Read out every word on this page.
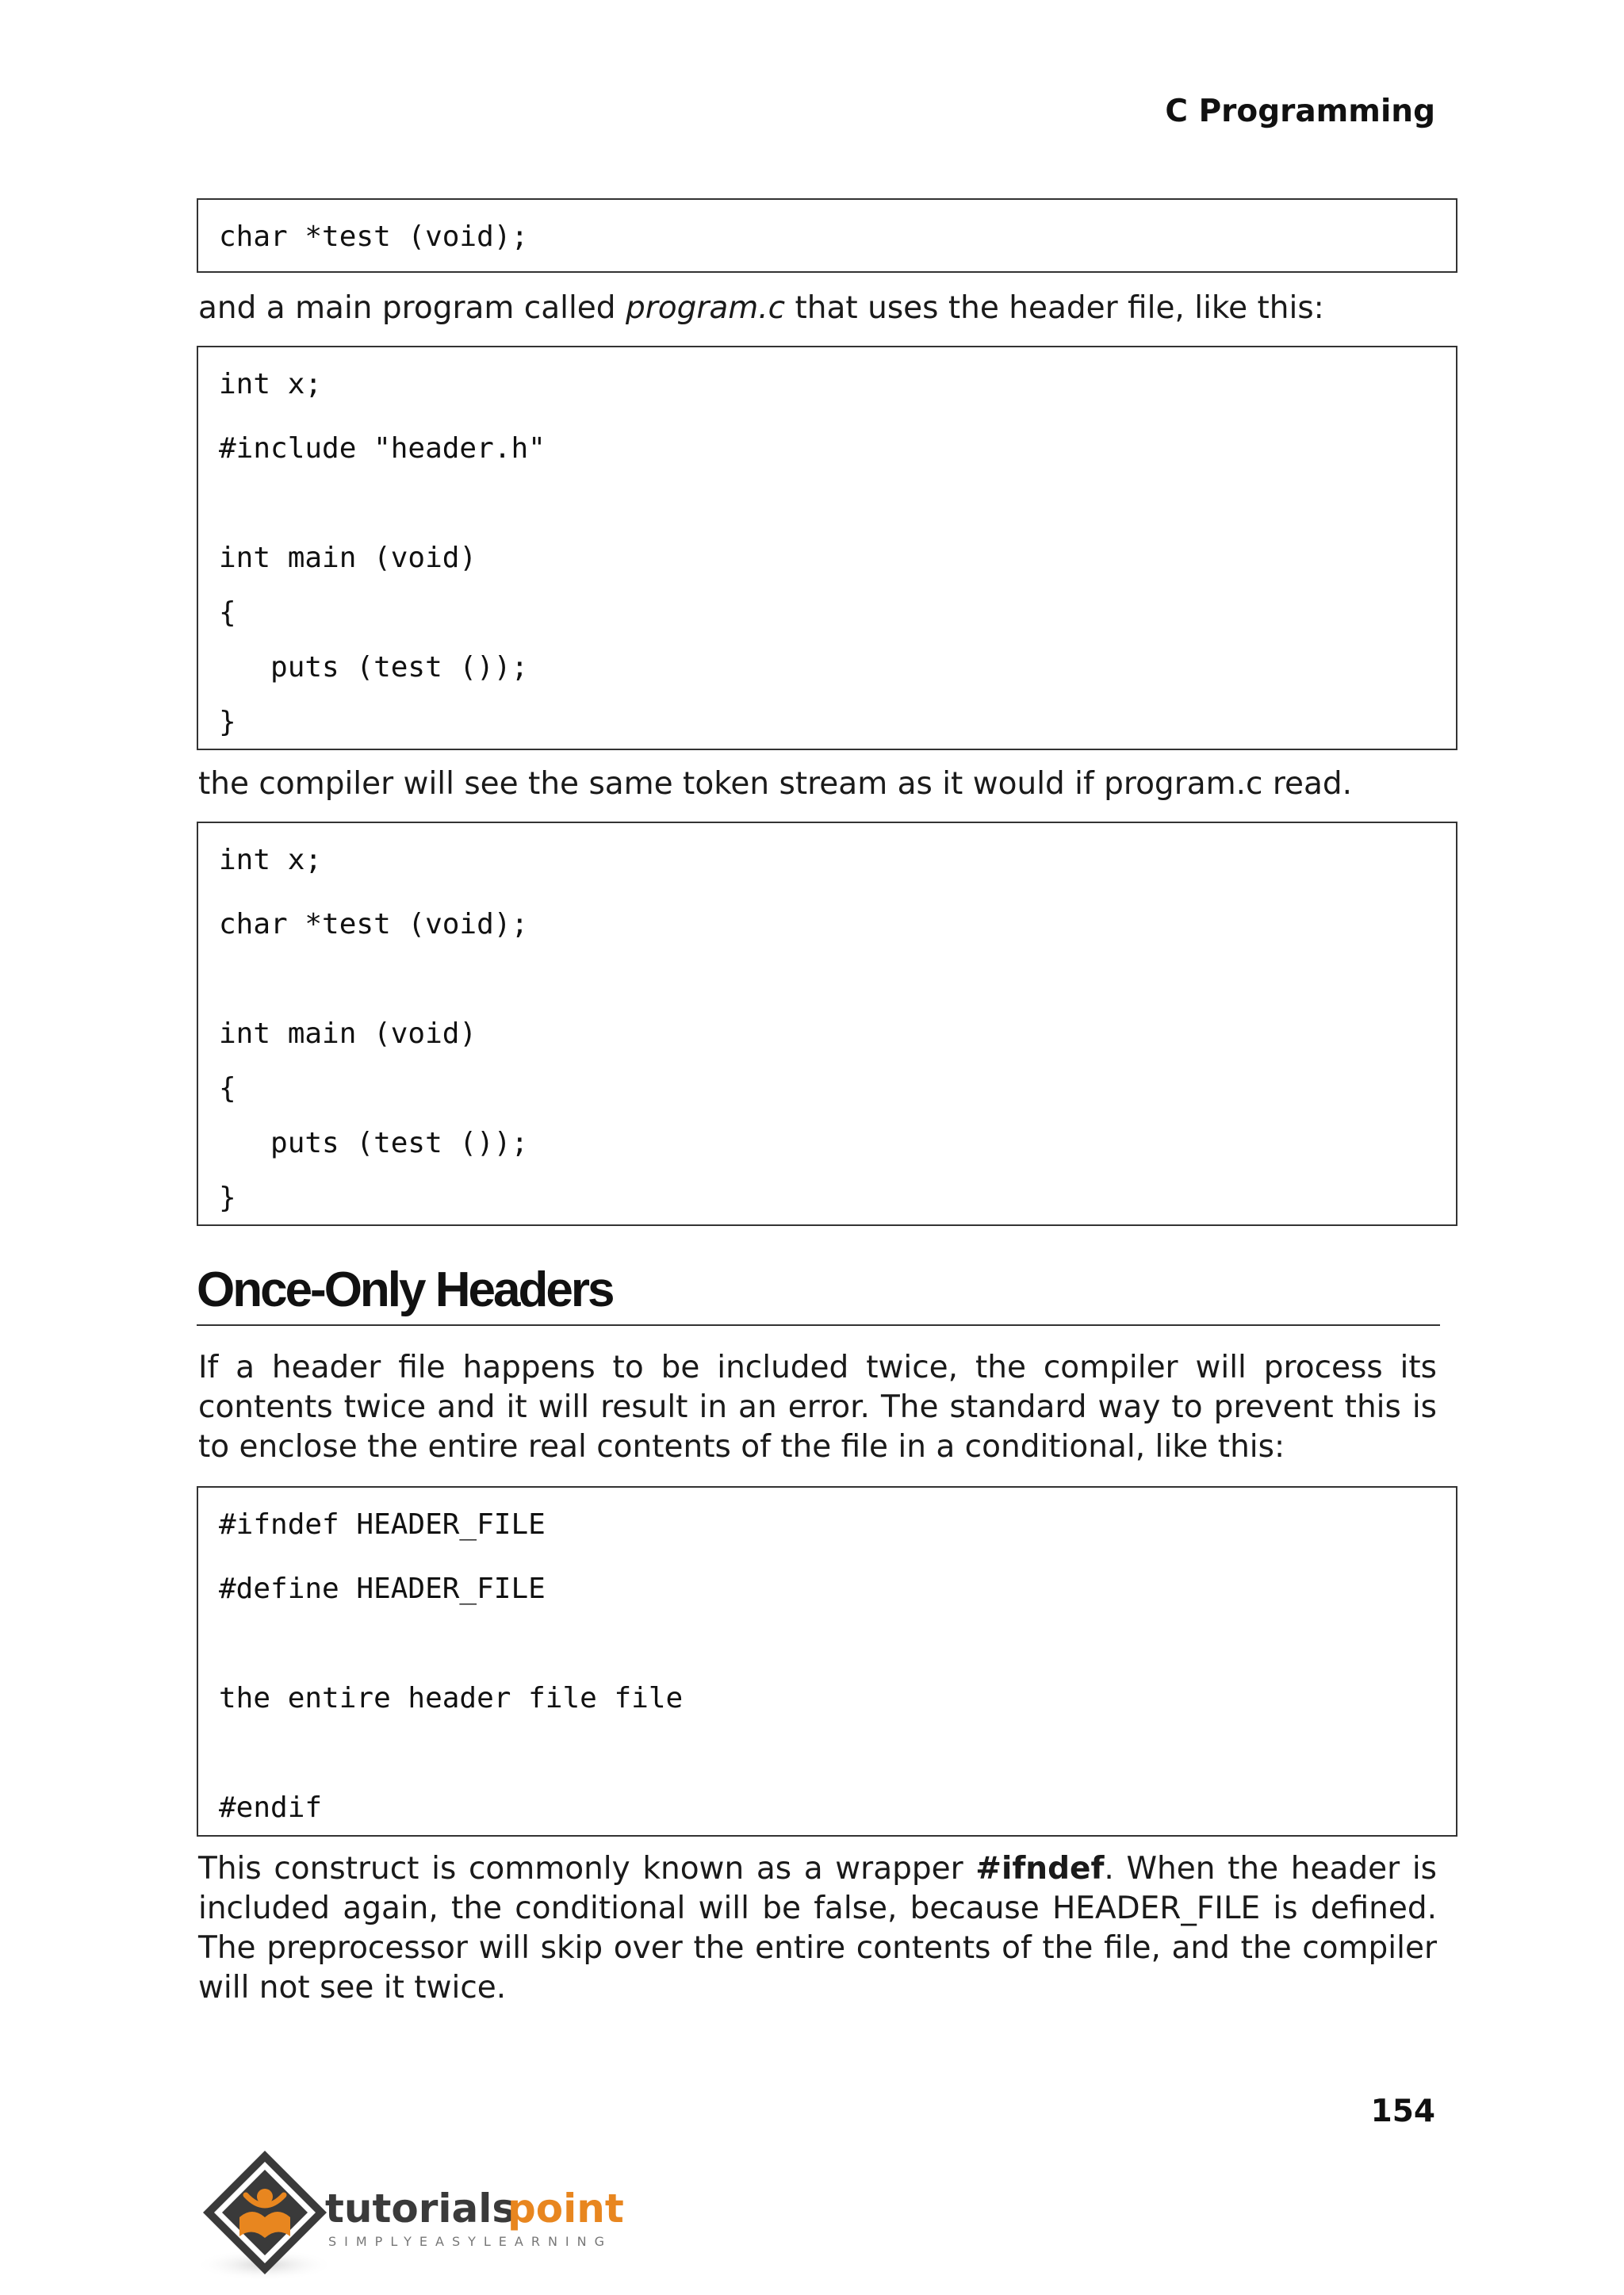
C Programming
char *test (void);
and a main program called program.c that uses the header file, like this:
int x;
#include "header.h"
int main (void)
{
puts (test ());
}
the compiler will see the same token stream as it would if program.c read.
int x;
char *test (void);
int main (void)
{
puts (test ());
}
Once-Only Headers
If a header file happens to be included twice, the compiler will process its contents twice and it will result in an error. The standard way to prevent this is to enclose the entire real contents of the file in a conditional, like this:
#ifndef HEADER_FILE
#define HEADER_FILE
the entire header file file
#endif
This construct is commonly known as a wrapper #ifndef. When the header is included again, the conditional will be false, because HEADER_FILE is defined. The preprocessor will skip over the entire contents of the file, and the compiler will not see it twice.
154
tutorials
point
SIMPLYEASYLEARNING
